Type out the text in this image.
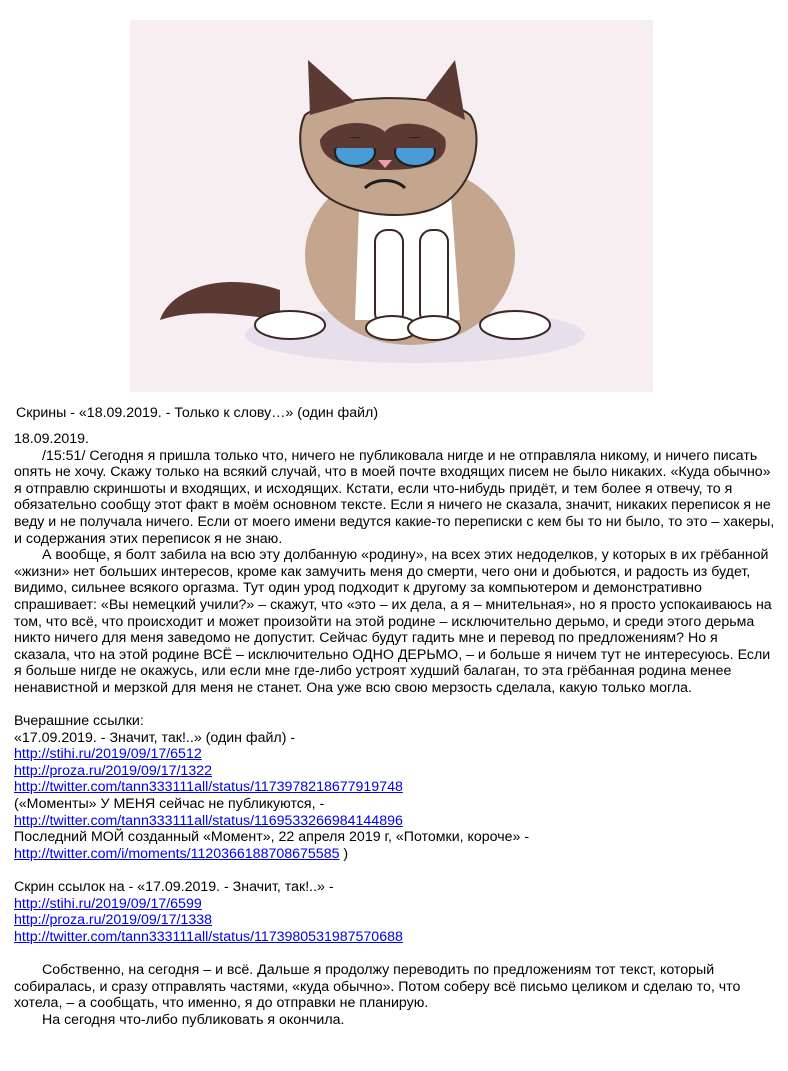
Скрины - «18.09.2019. - Только к слову…» (один файл)

18.09.2019.

/15:51/ Сегодня я пришла только что, ничего не публиковала нигде и не отправляла никому, и ничего писать опять не хочу. Скажу только на всякий случай, что в моей почте входящих писем не было никаких. «Куда обычно» я отправлю скриншоты и входящих, и исходящих. Кстати, если что-нибудь придёт, и тем более я отвечу, то я обязательно сообщу этот факт в моём основном тексте. Если я ничего не сказала, значит, никаких переписок я не веду и не получала ничего. Если от моего имени ведутся какие-то переписки с кем бы то ни было, то это – хакеры, и содержания этих переписок я не знаю.

А вообще, я болт забила на всю эту долбанную «родину», на всех этих недоделков, у которых в их грёбанной «жизни» нет больших интересов, кроме как замучить меня до смерти, чего они и добьются, и радость из будет, видимо, сильнее всякого оргазма. Тут один урод подходит к другому за компьютером и демонстративно спрашивает: «Вы немецкий учили?» – скажут, что «это – их дела, а я – мнительная», но я просто успокаиваюсь на том, что всё, что происходит и может произойти на этой родине – исключительно дерьмо, и среди этого дерьма никто ничего для меня заведомо не допустит. Сейчас будут гадить мне и перевод по предложениям? Но я сказала, что на этой родине ВСЁ – исключительно ОДНО ДЕРЬМО, – и больше я ничем тут не интересуюсь. Если я больше нигде не окажусь, или если мне где-либо устроят худший балаган, то эта грёбанная родина менее ненавистной и мерзкой для меня не станет. Она уже всю свою мерзость сделала, какую только могла.

Вчерашние ссылки:

«17.09.2019. - Значит, так!..» (один файл) -

http://stihi.ru/2019/09/17/6512

http://proza.ru/2019/09/17/1322

http://twitter.com/tann333111all/status/1173978218677919748

(«Моменты» У МЕНЯ сейчас не публикуются, -

http://twitter.com/tann333111all/status/1169533266984144896

Последний МОЙ созданный «Момент», 22 апреля 2019 г, «Потомки, короче» -

http://twitter.com/i/moments/1120366188708675585 )

Скрин ссылок на - «17.09.2019. - Значит, так!..» -

http://stihi.ru/2019/09/17/6599

http://proza.ru/2019/09/17/1338

http://twitter.com/tann333111all/status/1173980531987570688

Собственно, на сегодня – и всё. Дальше я продолжу переводить по предложениям тот текст, который собиралась, и сразу отправлять частями, «куда обычно». Потом соберу всё письмо целиком и сделаю то, что хотела, – а сообщать, что именно, я до отправки не планирую.

На сегодня что-либо публиковать я окончила.
